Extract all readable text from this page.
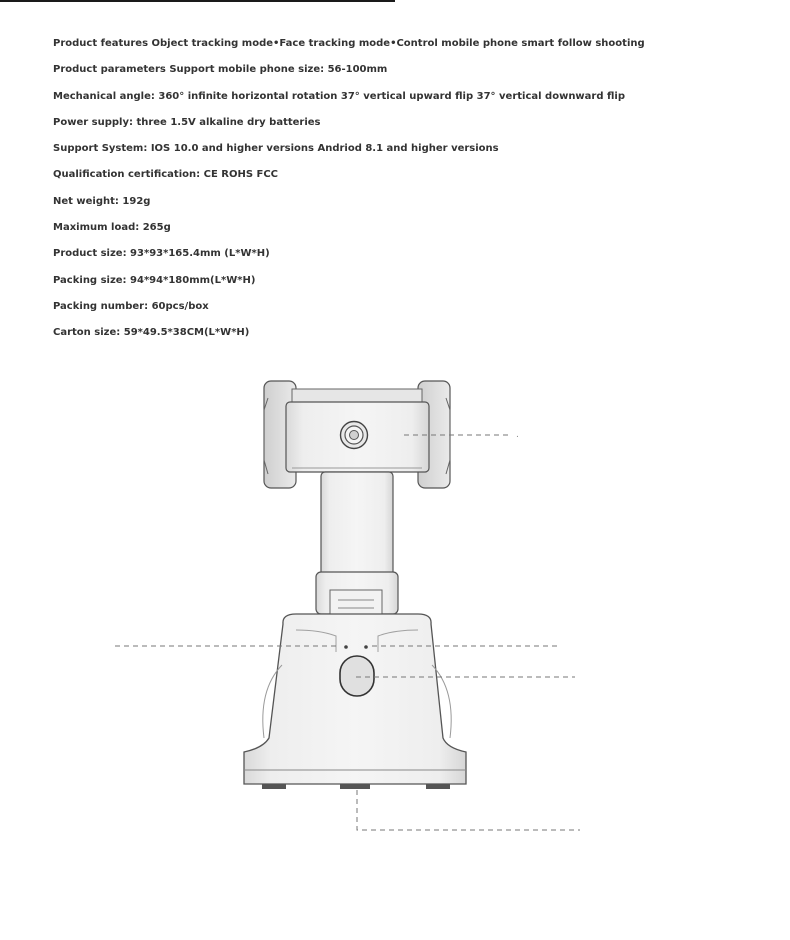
Product features Object tracking mode•Face tracking mode•Control mobile phone smart follow shooting
Product parameters Support mobile phone size: 56-100mm
Mechanical angle: 360° infinite horizontal rotation 37° vertical upward flip 37° vertical downward flip
Power supply: three 1.5V alkaline dry batteries
Support System: IOS 10.0 and higher versions Andriod 8.1 and higher versions
Qualification certification: CE ROHS FCC
Net weight: 192g
Maximum load: 265g
Product size: 93*93*165.4mm (L*W*H)
Packing size: 94*94*180mm(L*W*H)
Packing number: 60pcs/box
Carton size: 59*49.5*38CM(L*W*H)
.
